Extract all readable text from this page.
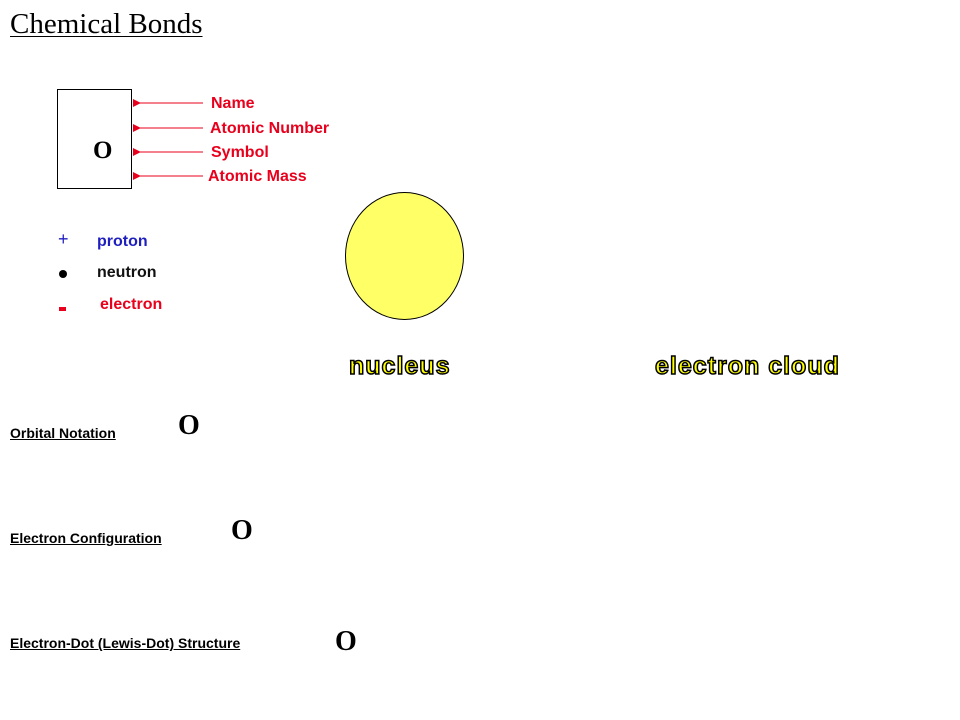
Chemical Bonds
O
Name
Atomic Number
Symbol
Atomic Mass
+ proton
neutron
electron
nucleus	electron cloud
Orbital Notation O
Electron Configuration O
Electron-Dot (Lewis-Dot) Structure	O
